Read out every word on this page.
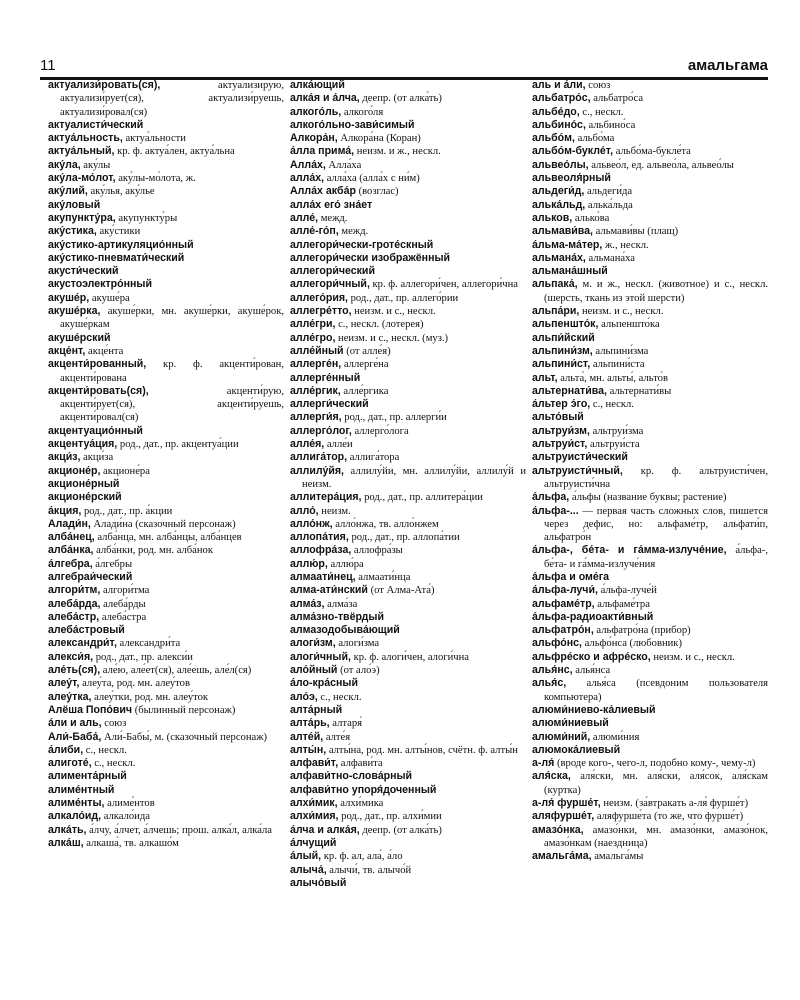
11	амальгама

актуализи́ровать(ся), актуализи́рую, актуализи́рует(ся), актуализи́руешь, актуализи́ровал(ся)

актуалисти́ческий

актуа́льность, актуа́льности

актуа́льный, кр. ф. актуа́лен, актуа́льна

аку́ла, аку́лы

аку́ла-мо́лот, аку́лы-мо́лота, ж.

аку́лий, аку́лья, аку́лье

аку́ловый

акупункту́ра, акупункту́ры

аку́стика, аку́стики

аку́стико-артикуляцио́нный

аку́стико-пневмати́ческий

акусти́ческий

акустоэлектро́нный

акуше́р, акуше́ра

акуше́рка, акуше́рки, мн. акуше́рки, акуше́рок, акуше́ркам

акуше́рский

акце́нт, акце́нта

акценти́рованный, кр. ф. акценти́рован, акценти́рована

акценти́ровать(ся), акценти́рую, акценти́рует(ся), акценти́руешь, акценти́ровал(ся)

акцентуацио́нный

акцентуа́ция, род., дат., пр. акцентуа́ции

акци́з, акци́за

акционе́р, акционе́ра

акционе́рный

акционе́рский

а́кция, род., дат., пр. а́кции

Алади́н, Алади́на (сказочный персонаж)

алба́нец, алба́нца, мн. алба́нцы, алба́нцев

алба́нка, алба́нки, род. мн. алба́нок

а́лгебра, а́лгебры

алгебраи́ческий

алгори́тм, алгори́тма

алеба́рда, алеба́рды

алеба́стр, алеба́стра

алеба́стровый

александри́т, александри́та

алекси́я, род., дат., пр. алекси́и

але́ть(ся), але́ю, але́ет(ся), але́ешь, але́л(ся)

алеу́т, алеу́та, род. мн. алеу́тов

алеу́тка, алеу́тки, род. мн. алеу́ток

Алёша Попо́вич (былинный персонаж)

а́ли и аль, союз

Али́-Баба́, Али́-Бабы́, м. (сказочный персонаж)

а́либи, с., нескл.

алиготе́, с., нескл.

алимента́рный

алиме́нтный

алиме́нты, алиме́нтов

алкало́ид, алкало́ида

алка́ть, а́лчу, а́лчет, а́лчешь; прош. алка́л, алка́ла

алка́ш, алкаша́, тв. алкашо́м

алка́ющий

алка́я и а́лча, деепр. (от алка́ть)

алкого́ль, алкого́ля

алкого́льно-зави́симый

Алкора́н, Алкора́на (Коран)

а́лла прима́, неизм. и ж., нескл.

Алла́х, Алла́ха

алла́х, алла́ха (алла́х с ни́м)

Алла́х акба́р (возглас)

алла́х его́ зна́ет

алле́, межд.

алле́-го́п, межд.

аллегори́чески-гроте́скный

аллегори́чески изображённый

аллегори́ческий

аллегори́чный, кр. ф. аллегори́чен, аллегори́чна

аллего́рия, род., дат., пр. аллего́рии

аллегре́тто, неизм. и с., нескл.

алле́гри, с., нескл. (лотерея)

алле́гро, неизм. и с., нескл. (муз.)

алле́йный (от алле́я)

аллерге́н, аллерге́на

аллерге́нный

алле́ргик, алле́ргика

аллерги́ческий

аллерги́я, род., дат., пр. аллерги́и

аллерго́лог, аллерго́лога

алле́я, алле́и

аллига́тор, аллига́тора

аллилу́йя, аллилу́йи, мн. аллилу́йи, аллилу́й и неизм.

аллитера́ция, род., дат., пр. аллитера́ции

алло́, неизм.

алло́нж, алло́нжа, тв. алло́нжем

аллопа́тия, род., дат., пр. аллопа́тии

аллофра́за, аллофра́зы

аллю́р, аллю́ра

алмаати́нец, алмаати́нца

алма-ати́нский (от Алма-Ата́)

алма́з, алма́за

алма́зно-твёрдый

алмазодобыва́ющий

алоги́зм, алоги́зма

алоги́чный, кр. ф. алоги́чен, алоги́чна

ало́йный (от ало́э)

а́ло-кра́сный

ало́э, с., нескл.

алта́рный

алта́рь, алтаря́

алте́й, алте́я

алты́н, алты́на, род. мн. алты́нов, счётн. ф. алты́н

алфави́т, алфави́та

алфави́тно-слова́рный

алфави́тно упоря́доченный

алхи́мик, алхи́мика

алхи́мия, род., дат., пр. алхи́мии

а́лча и алка́я, деепр. (от алка́ть)

а́лчущий

а́лый, кр. ф. ал, ала́, а́ло

алыча́, алычи́, тв. алычо́й

алычо́вый

аль и а́ли, союз

альбатро́с, альбатро́са

альбе́до, с., нескл.

альбино́с, альбино́са

альбо́м, альбо́ма

альбо́м-букле́т, альбо́ма-букле́та

альвео́лы, альвео́л, ед. альвео́ла, альвео́лы

альвеоля́рный

альдеги́д, альдеги́да

алька́льд, алька́льда

альков, алько́ва

альмави́ва, альмави́вы (плащ)

а́льма-ма́тер, ж., нескл.

альмана́х, альмана́ха

альмана́шный

альпака́, м. и ж., нескл. (животное) и с., нескл. (шерсть, ткань из этой шерсти)

альпа́ри, неизм. и с., нескл.

альпеншто́к, альпеншто́ка

альпи́йский

альпини́зм, альпини́зма

альпини́ст, альпини́ста

альт, альта́, мн. альты́, альто́в

альтернати́ва, альтернати́вы

а́льтер э́го, с., нескл.

альто́вый

альтруи́зм, альтруи́зма

альтруи́ст, альтруи́ста

альтруисти́ческий

альтруисти́чный, кр. ф. альтруисти́чен, альтруисти́чна

а́льфа, а́льфы (название буквы; растение)

а́льфа-... — первая часть сложных слов, пишется через дефис, но: альфаме́тр, альфати́п, альфатро́н

а́льфа-, бе́та- и га́мма-излуче́ние, а́льфа-, бе́та- и га́мма-излуче́ния

а́льфа и оме́га

а́льфа-лучи́, а́льфа-луче́й

альфаме́тр, альфаме́тра

а́льфа-радиоакти́вный

альфатро́н, альфатро́на (прибор)

альфо́нс, альфо́нса (любовник)

альфре́ско и афре́ско, неизм. и с., нескл.

алья́нс, алья́нса

алья́с, алья́са (псевдоним пользователя компьютера)

алюми́ниево-ка́лиевый

алюми́ниевый

алюми́ний, алюми́ния

алюмока́лиевый

а-ля́ (вроде кого-, чего-л, подобно кому-, чему-л)

аля́ска, аля́ски, мн. аля́ски, аля́сок, аля́скам (куртка)

а-ля́ фурше́т, неизм. (за́втракать а-ля́ фурше́т)

аляфурше́т, аляфурше́та (то же, что фурше́т)

амазо́нка, амазо́нки, мн. амазо́нки, амазо́нок, амазо́нкам (наездница)

амальга́ма, амальга́мы
